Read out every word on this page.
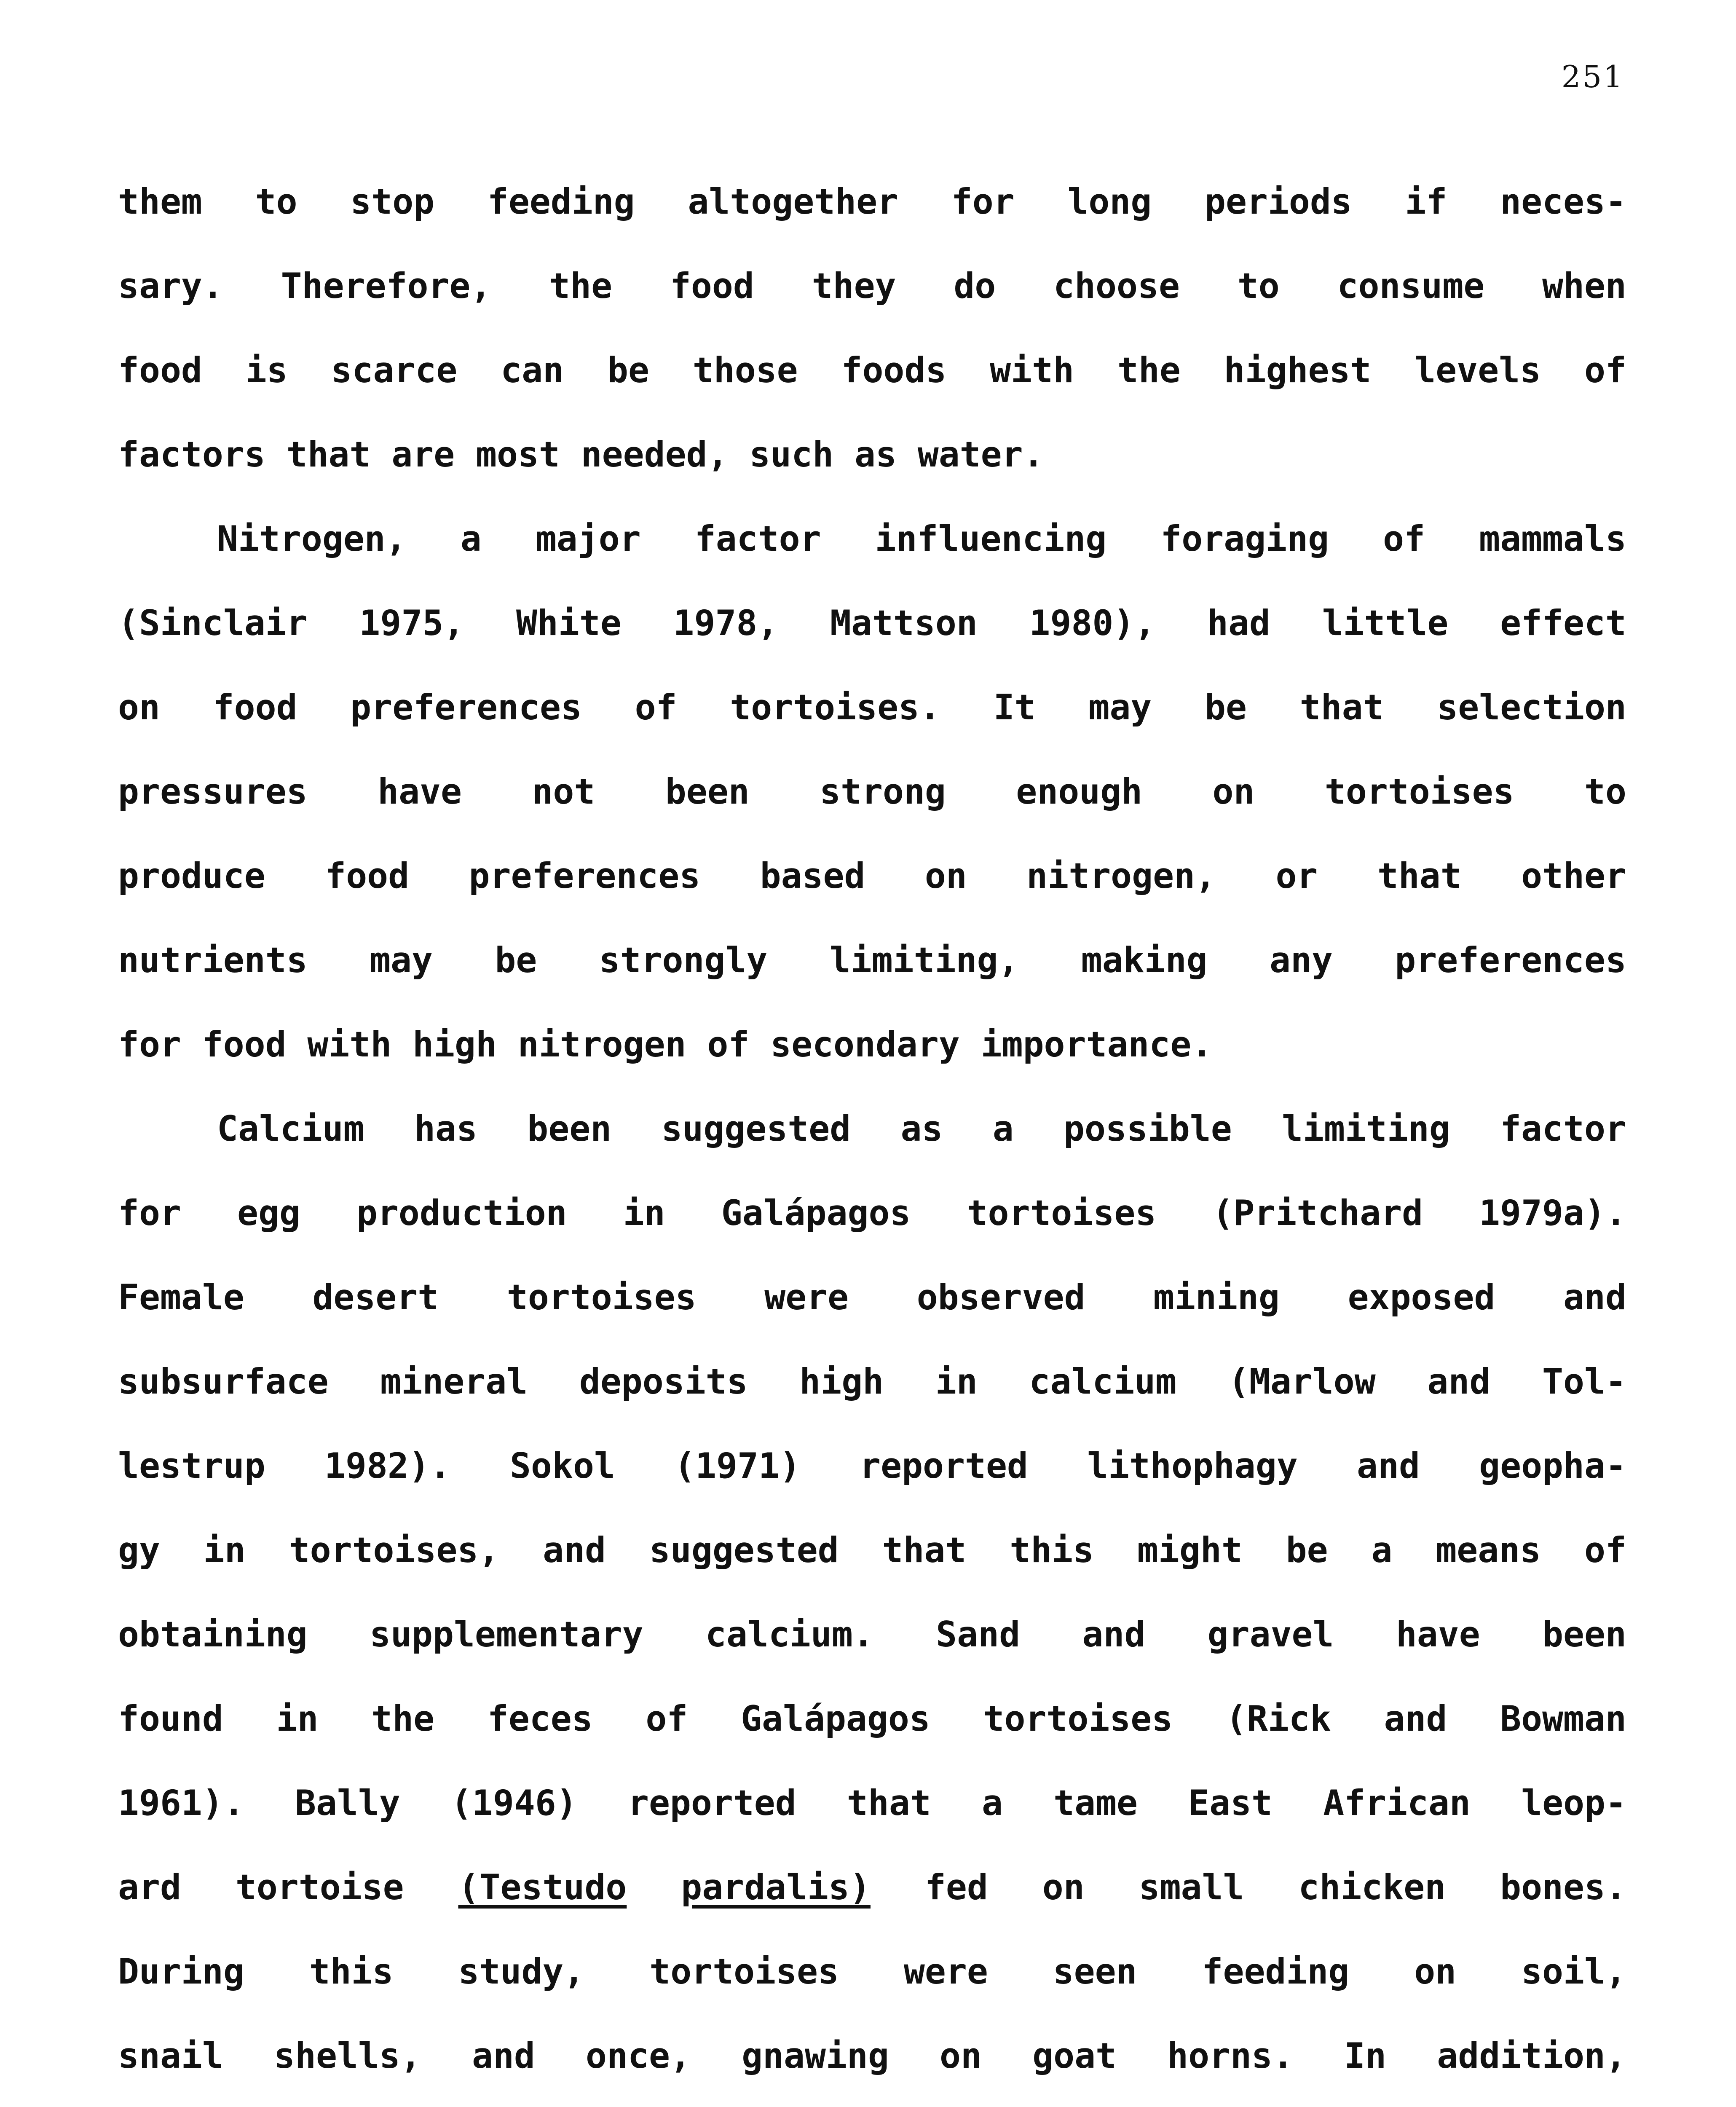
251
them to stop feeding altogether for long periods if neces-
sary. Therefore, the food they do choose to consume when
food is scarce can be those foods with the highest levels of
factors that are most needed, such as water.
Nitrogen, a major factor influencing foraging of mammals
(Sinclair 1975, White 1978, Mattson 1980), had little effect
on food preferences of tortoises. It may be that selection
pressures have not been strong enough on tortoises to
produce food preferences based on nitrogen, or that other
nutrients may be strongly limiting, making any preferences
for food with high nitrogen of secondary importance.
Calcium has been suggested as a possible limiting factor
for egg production in Galápagos tortoises (Pritchard 1979a).
Female desert tortoises were observed mining exposed and
subsurface mineral deposits high in calcium (Marlow and Tol-
lestrup 1982). Sokol (1971) reported lithophagy and geopha-
gy in tortoises, and suggested that this might be a means of
obtaining supplementary calcium. Sand and gravel have been
found in the feces of Galápagos tortoises (Rick and Bowman
1961). Bally (1946) reported that a tame East African leop-
ard tortoise (Testudo pardalis) fed on small chicken bones.
During this study, tortoises were seen feeding on soil,
snail shells, and once, gnawing on goat horns. In addition,
